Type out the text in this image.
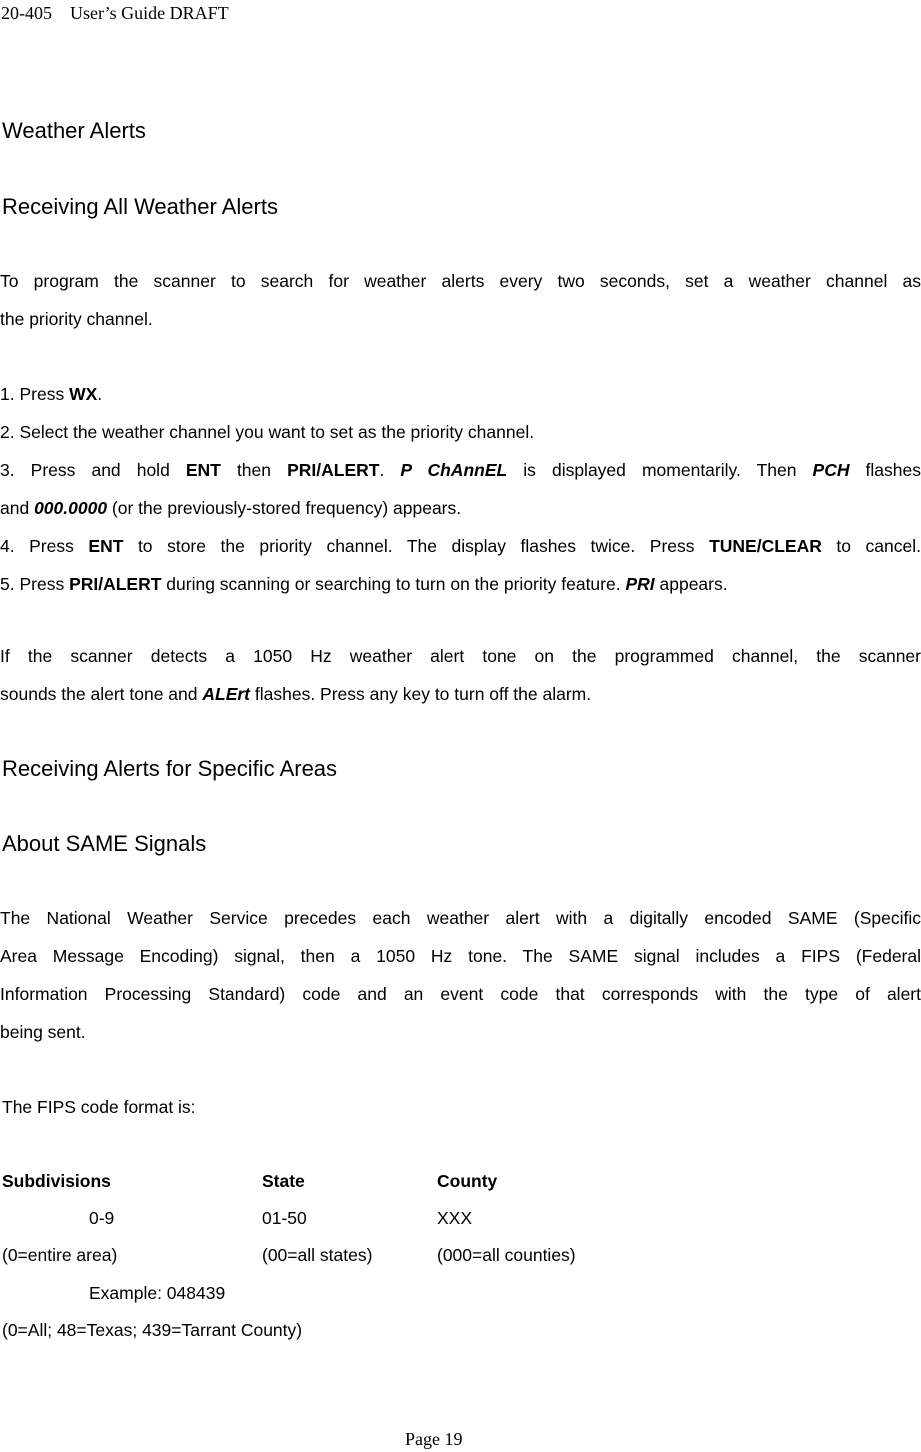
20-405　User’s Guide DRAFT
Weather Alerts
Receiving All Weather Alerts
To program the scanner to search for weather alerts every two seconds, set a weather channel as
the priority channel.
1. Press WX.
2. Select the weather channel you want to set as the priority channel.
3. Press and hold ENT then PRI/ALERT. P ChAnnEL is displayed momentarily. Then PCH flashes
and 000.0000 (or the previously-stored frequency) appears.
4. Press ENT to store the priority channel. The display flashes twice. Press TUNE/CLEAR to cancel.
5. Press PRI/ALERT during scanning or searching to turn on the priority feature. PRI appears.
If the scanner detects a 1050 Hz weather alert tone on the programmed channel, the scanner
sounds the alert tone and ALErt flashes. Press any key to turn off the alarm.
Receiving Alerts for Specific Areas
About SAME Signals
The National Weather Service precedes each weather alert with a digitally encoded SAME (Specific
Area Message Encoding) signal, then a 1050 Hz tone. The SAME signal includes a FIPS (Federal
Information Processing Standard) code and an event code that corresponds with the type of alert
being sent.
The FIPS code format is:
Subdivisions	State	County
0-9	01-50	XXX
(0=entire area)	(00=all states)	(000=all counties)
Example: 048439
(0=All; 48=Texas; 439=Tarrant County)
Page 19
